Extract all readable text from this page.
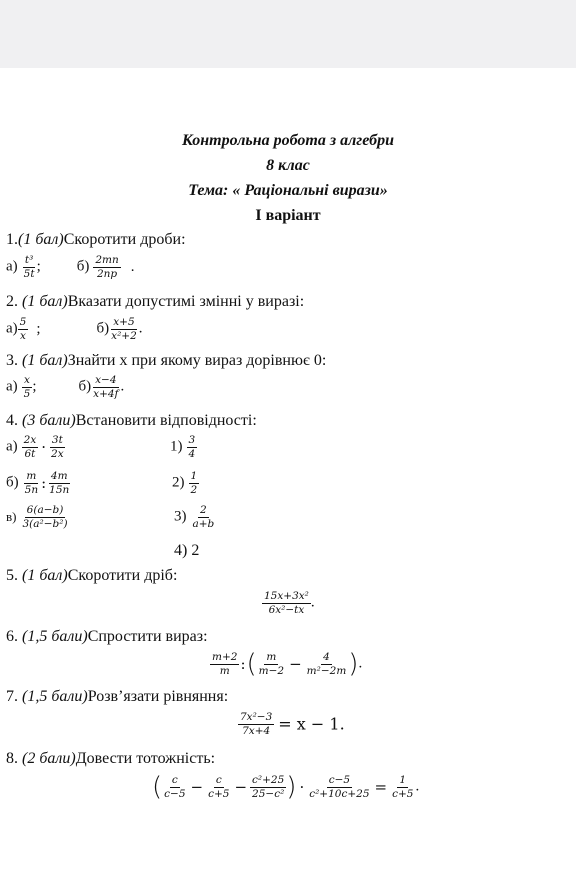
Контрольна робота з алгебри
8 клас
Тема: « Раціональні вирази»
І варіант
1.(1 бал)Скоротити дроби:
$а) \frac{\text{t³}}{5t}$ ; $б) \frac{2mn}{2np}$ .
2. (1 бал)Вказати допустимі змінні у виразі:
$а) \frac{5}{x}$ ;	$б) \frac{x+5}{\text{x²+2}}$ .
3. (1 бал)Знайти x при якому вираз дорівнює 0:
$а) \frac{x}{5}$ ;	$б) \frac{x-4}{x+4f}$ .
4. (3 бали)Встановити відповідності:
$а) \frac{2x}{6t} \cdot \frac{3t}{2x}$
$б) \frac{m}{5n}$ : $\frac{4m}{15n}$
$в) \frac{6(a-b)}{\text{3(a²−b²)}}$
$1) \frac{3}{4}$
$2) \frac{1}{2}$
$3) \frac{2}{a+b}$
4) 2
5. (1 бал)Скоротити дріб:
$\frac{\text{15x+3x²}}{\text{6x²−tx}}$ .
6. (1,5 бали)Спростити вираз:
$\frac{m+2}{m}$ :( $\frac{m}{m-2} - \frac{4}{\text{m²−2m}}$ ).
7. (1,5 бали)Розв’язати рівняння:
$\frac{\text{7x²−3}}{7x+4} = x - 1$.
8. (2 бали)Довести тотожність:
( $\frac{c}{c-5} - \frac{c}{c+5} - \frac{\text{c²+25}}{\text{25−c²}}$ ) · $\frac{c-5}{\text{c²+10c+25}} = \frac{1}{c+5}$ .
